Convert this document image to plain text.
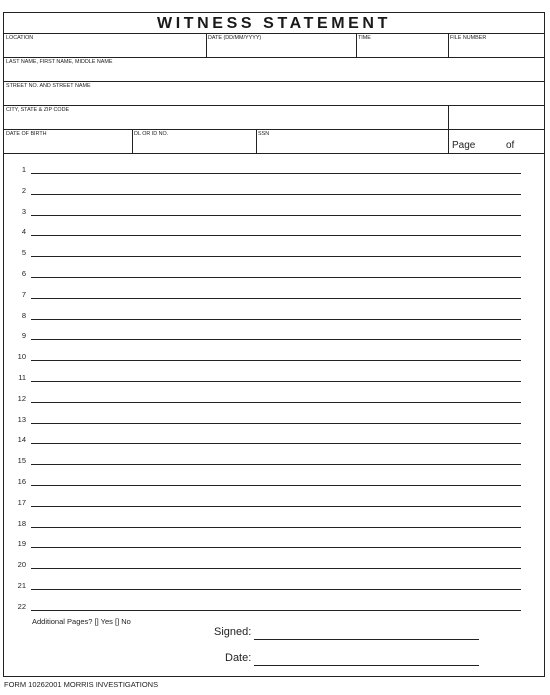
WITNESS STATEMENT
LOCATION	DATE (DD/MM/YYYY)	TIME	FILE NUMBER
LAST NAME, FIRST NAME, MIDDLE NAME
STREET NO. AND STREET NAME
CITY, STATE & ZIP CODE
DATE OF BIRTH	DL OR ID NO.	SSN
Page	of
1
2
3
4
5
6
7
8
9
10
11
12
13
14
15
16
17
18
19
20
21
22
Additional Pages? [] Yes [] No
Signed:
Date:
FORM 10262001 MORRIS INVESTIGATIONS
